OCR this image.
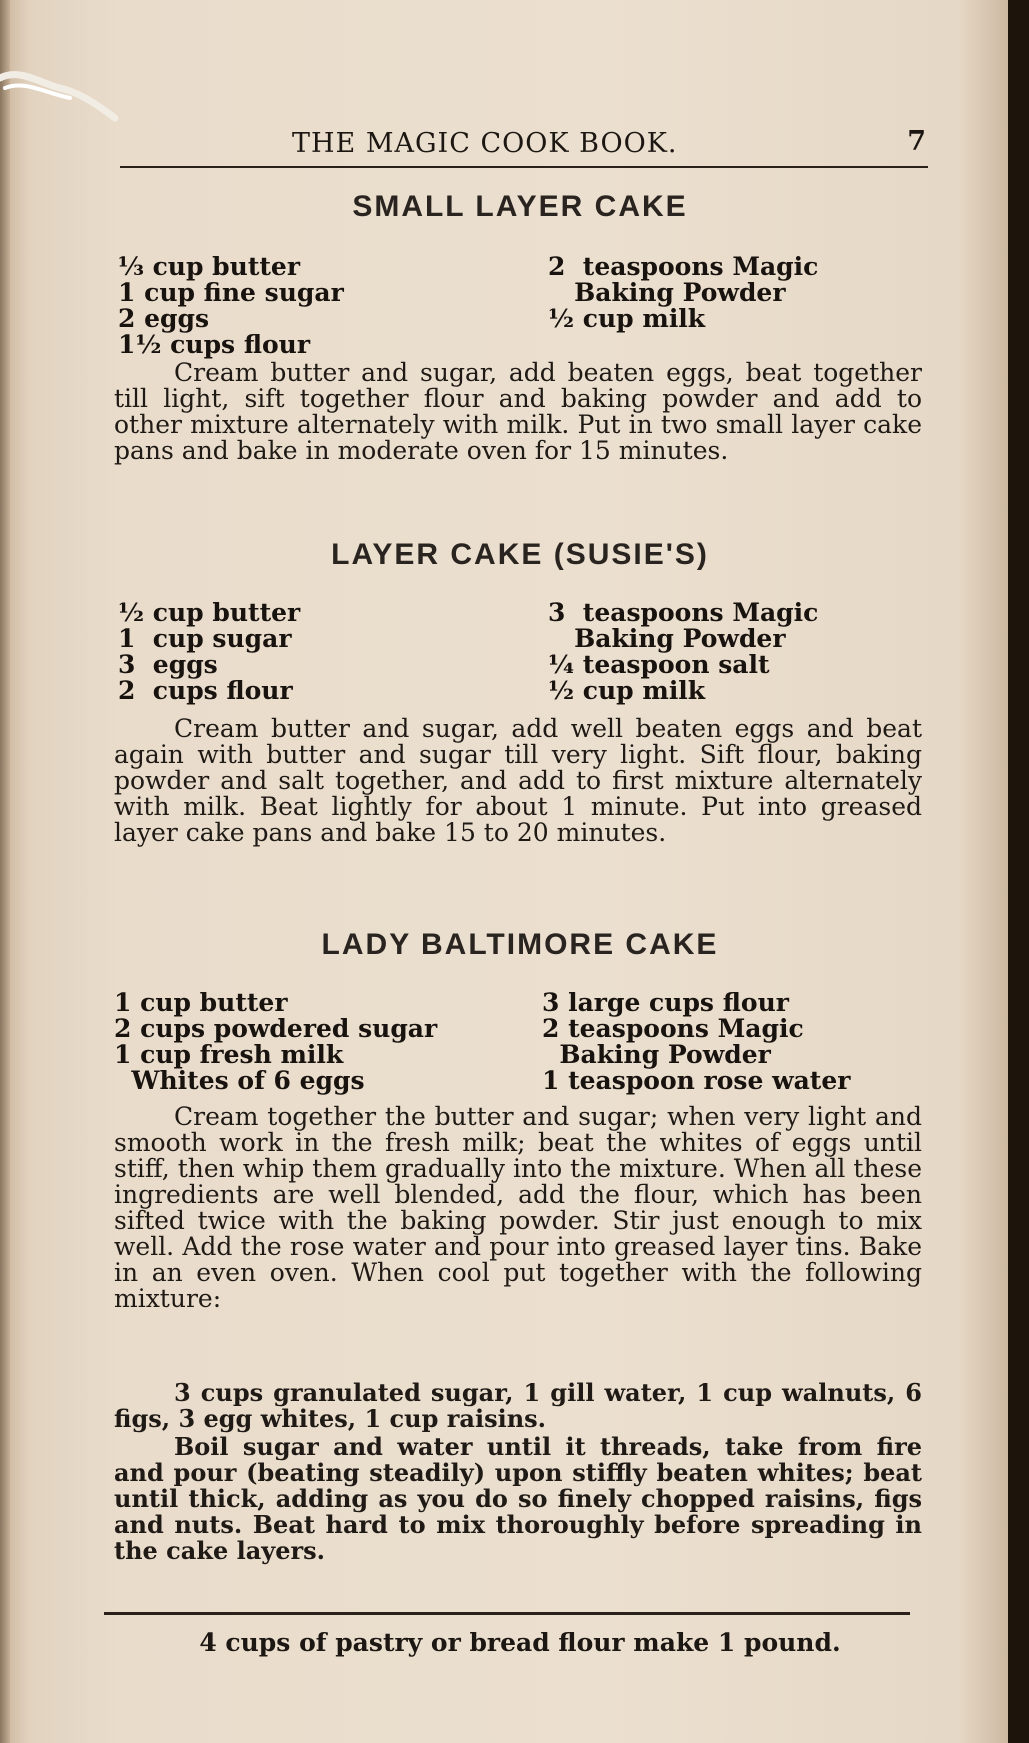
THE MAGIC COOK BOOK.	7
SMALL LAYER CAKE
⅓ cup butter
1 cup fine sugar
2 eggs
1½ cups flour
2  teaspoons Magic
Baking Powder
½ cup milk
Cream butter and sugar, add beaten eggs, beat together till light, sift together flour and baking powder and add to other mixture alternately with milk. Put in two small layer cake pans and bake in moderate oven for 15 minutes.
LAYER CAKE (SUSIE'S)
½ cup butter
1  cup sugar
3  eggs
2  cups flour
3  teaspoons Magic
Baking Powder
¼ teaspoon salt
½ cup milk
Cream butter and sugar, add well beaten eggs and beat again with butter and sugar till very light. Sift flour, baking powder and salt together, and add to first mixture alternately with milk. Beat lightly for about 1 minute. Put into greased layer cake pans and bake 15 to 20 minutes.
LADY BALTIMORE CAKE
1 cup butter
2 cups powdered sugar
1 cup fresh milk
Whites of 6 eggs
3 large cups flour
2 teaspoons Magic
Baking Powder
1 teaspoon rose water
Cream together the butter and sugar; when very light and smooth work in the fresh milk; beat the whites of eggs until stiff, then whip them gradually into the mixture. When all these ingredients are well blended, add the flour, which has been sifted twice with the baking powder. Stir just enough to mix well. Add the rose water and pour into greased layer tins. Bake in an even oven. When cool put together with the following mixture:
3 cups granulated sugar, 1 gill water, 1 cup walnuts, 6 figs, 3 egg whites, 1 cup raisins.
Boil sugar and water until it threads, take from fire and pour (beating steadily) upon stiffly beaten whites; beat until thick, adding as you do so finely chopped raisins, figs and nuts. Beat hard to mix thoroughly before spreading in the cake layers.
4 cups of pastry or bread flour make 1 pound.
